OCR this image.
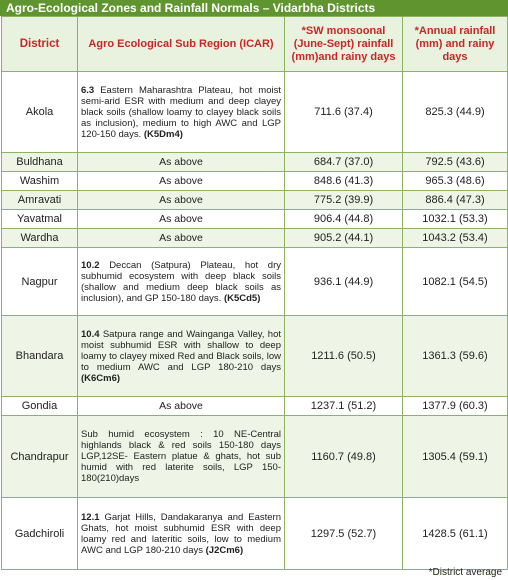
Agro-Ecological Zones and Rainfall Normals – Vidarbha Districts
District	Agro Ecological Sub Region (ICAR)	*SW monsoonal (June-Sept) rainfall (mm)and rainy days	*Annual rainfall (mm) and rainy days
Akola	6.3 Eastern Maharashtra Plateau, hot moist semi-arid ESR with medium and deep clayey black soils (shallow loamy to clayey black soils as inclusion), medium to high AWC and LGP 120-150 days. (K5Dm4)	711.6 (37.4)	825.3 (44.9)
Buldhana	As above	684.7 (37.0)	792.5 (43.6)
Washim	As above	848.6 (41.3)	965.3 (48.6)
Amravati	As above	775.2 (39.9)	886.4 (47.3)
Yavatmal	As above	906.4 (44.8)	1032.1 (53.3)
Wardha	As above	905.2 (44.1)	1043.2 (53.4)
Nagpur	10.2 Deccan (Satpura) Plateau, hot dry subhumid ecosystem with deep black soils (shallow and medium deep black soils as inclusion), and GP 150-180 days. (K5Cd5)	936.1 (44.9)	1082.1 (54.5)
Bhandara	10.4 Satpura range and Wainganga Valley, hot moist subhumid ESR with shallow to deep loamy to clayey mixed Red and Black soils, low to medium AWC and LGP 180-210 days (K6Cm6)	1211.6 (50.5)	1361.3 (59.6)
Gondia	As above	1237.1 (51.2)	1377.9 (60.3)
Chandrapur	Sub humid ecosystem : 10 NE-Central highlands black & red soils 150-180 days LGP,12SE- Eastern platue & ghats, hot sub humid with red laterite soils, LGP 150-180(210)days	1160.7 (49.8)	1305.4 (59.1)
Gadchiroli	12.1 Garjat Hills, Dandakaranya and Eastern Ghats, hot moist subhumid ESR with deep loamy red and lateritic soils, low to medium AWC and LGP 180-210 days (J2Cm6)	1297.5 (52.7)	1428.5 (61.1)
*District average
